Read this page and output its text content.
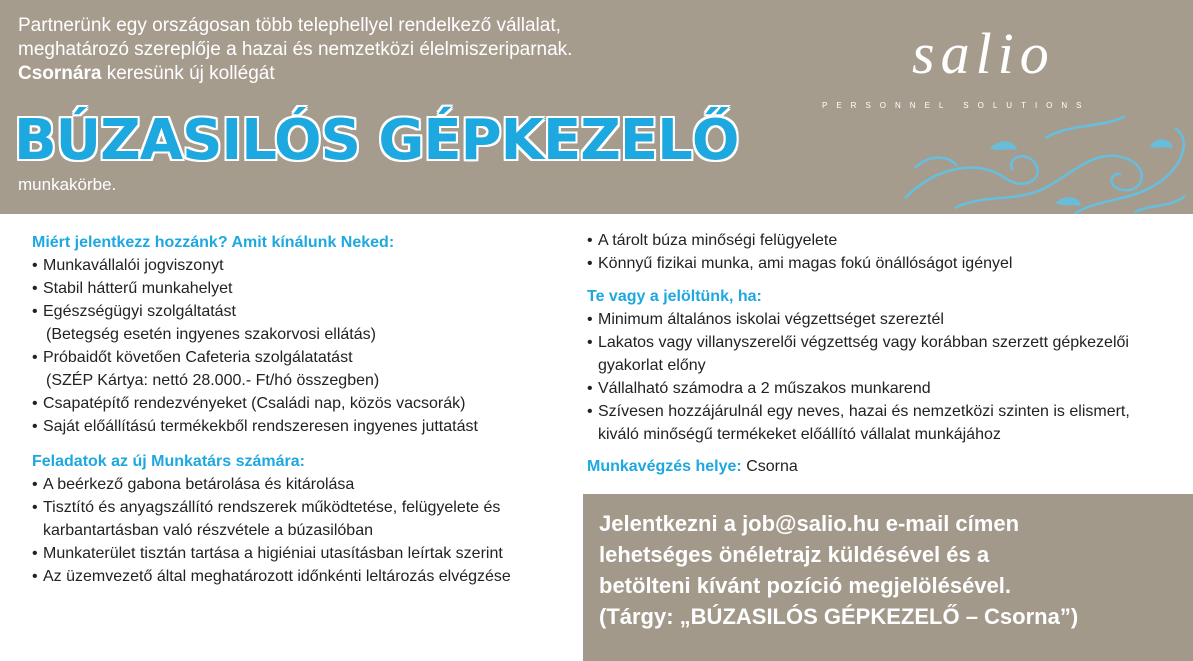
Partnerünk egy országosan több telephellyel rendelkező vállalat,
meghatározó szereplője a hazai és nemzetközi élelmiszeriparnak.
Csornára keresünk új kollégát
BÚZASILÓS GÉPKEZELŐ
munkakörbe.
salio
PERSONNEL SOLUTIONS
Miért jelentkezz hozzánk? Amit kínálunk Neked:
• Munkavállalói jogviszonyt
• Stabil hátterű munkahelyet
• Egészségügyi szolgáltatást
(Betegség esetén ingyenes szakorvosi ellátás)
• Próbaidőt követően Cafeteria szolgálatatást
(SZÉP Kártya: nettó 28.000.- Ft/hó összegben)
• Csapatépítő rendezvényeket (Családi nap, közös vacsorák)
• Saját előállítású termékekből rendszeresen ingyenes juttatást
Feladatok az új Munkatárs számára:
• A beérkező gabona betárolása és kitárolása
• Tisztító és anyagszállító rendszerek működtetése, felügyelete és karbantartásban való részvétele a búzasilóban
• Munkaterület tisztán tartása a higiéniai utasításban leírtak szerint
• Az üzemvezető által meghatározott időnkénti leltározás elvégzése
• A tárolt búza minőségi felügyelete
• Könnyű fizikai munka, ami magas fokú önállóságot igényel
Te vagy a jelöltünk, ha:
• Minimum általános iskolai végzettséget szereztél
• Lakatos vagy villanyszerelői végzettség vagy korábban szerzett gépkezelői gyakorlat előny
• Vállalható számodra a 2 műszakos munkarend
• Szívesen hozzájárulnál egy neves, hazai és nemzetközi szinten is elismert, kiváló minőségű termékeket előállító vállalat munkájához
Munkavégzés helye: Csorna
Jelentkezni a job@salio.hu e-mail címen
lehetséges önéletrajz küldésével és a
betölteni kívánt pozíció megjelölésével.
(Tárgy: „BÚZASILÓS GÉPKEZELŐ – Csorna”)
